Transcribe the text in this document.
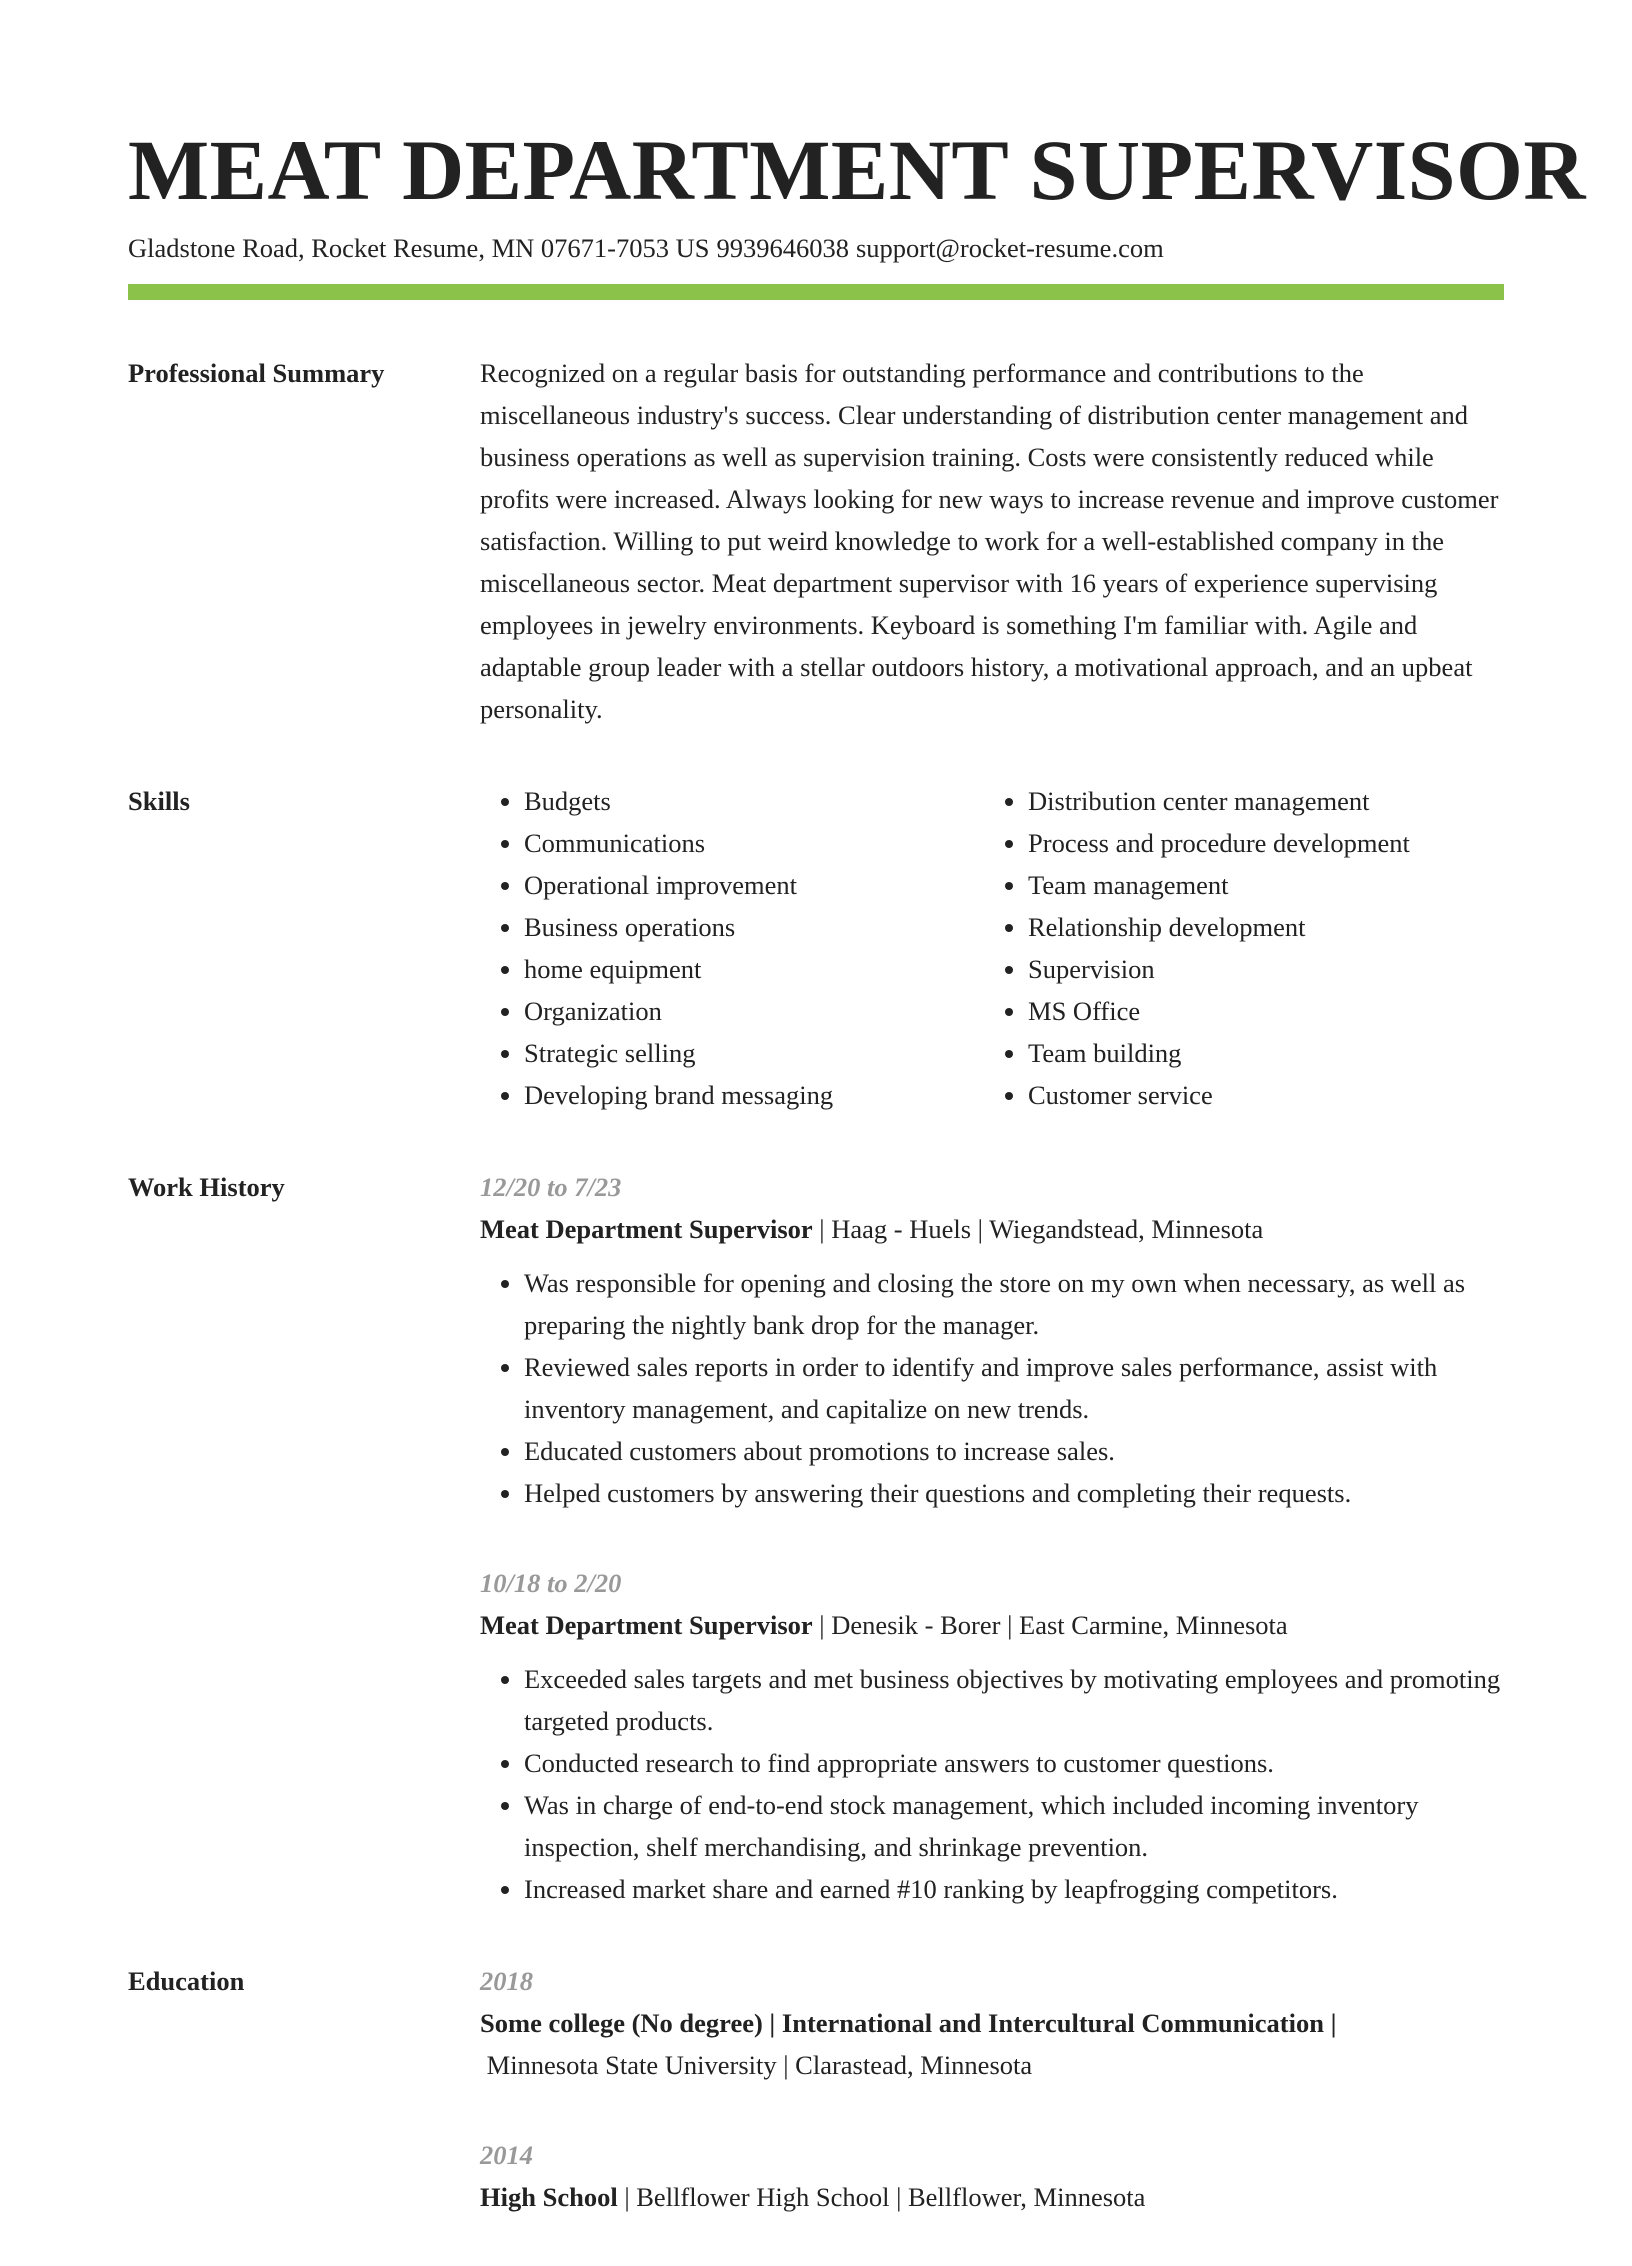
MEAT DEPARTMENT SUPERVISOR
Gladstone Road, Rocket Resume, MN 07671-7053 US 9939646038 support@rocket-resume.com
Professional Summary	Recognized on a regular basis for outstanding performance and contributions to the miscellaneous industry's success. Clear understanding of distribution center management and business operations as well as supervision training. Costs were consistently reduced while profits were increased. Always looking for new ways to increase revenue and improve customer satisfaction. Willing to put weird knowledge to work for a well-established company in the miscellaneous sector. Meat department supervisor with 16 years of experience supervising employees in jewelry environments. Keyboard is something I'm familiar with. Agile and adaptable group leader with a stellar outdoors history, a motivational approach, and an upbeat personality.

Skills
•	Budgets
• Communications
• Operational improvement
• Business operations
• home equipment
• Organization
• Strategic selling
• Developing brand messaging
• Distribution center management
• Process and procedure development
• Team management
• Relationship development
• Supervision
• MS Office
• Team building
• Customer service
Work History	12/20 to 7/23
Meat Department Supervisor | Haag - Huels | Wiegandstead, Minnesota
• Was responsible for opening and closing the store on my own when necessary, as well as preparing the nightly bank drop for the manager.
• Reviewed sales reports in order to identify and improve sales performance, assist with inventory management, and capitalize on new trends.
• Educated customers about promotions to increase sales.
• Helped customers by answering their questions and completing their requests.
10/18 to 2/20
Meat Department Supervisor | Denesik - Borer | East Carmine, Minnesota
• Exceeded sales targets and met business objectives by motivating employees and promoting targeted products.
• Conducted research to find appropriate answers to customer questions.
• Was in charge of end-to-end stock management, which included incoming inventory inspection, shelf merchandising, and shrinkage prevention.
• Increased market share and earned #10 ranking by leapfrogging competitors.
Education	2018
Some college (No degree) | International and Intercultural Communication |
Minnesota State University | Clarastead, Minnesota
2014
High School | Bellflower High School | Bellflower, Minnesota
